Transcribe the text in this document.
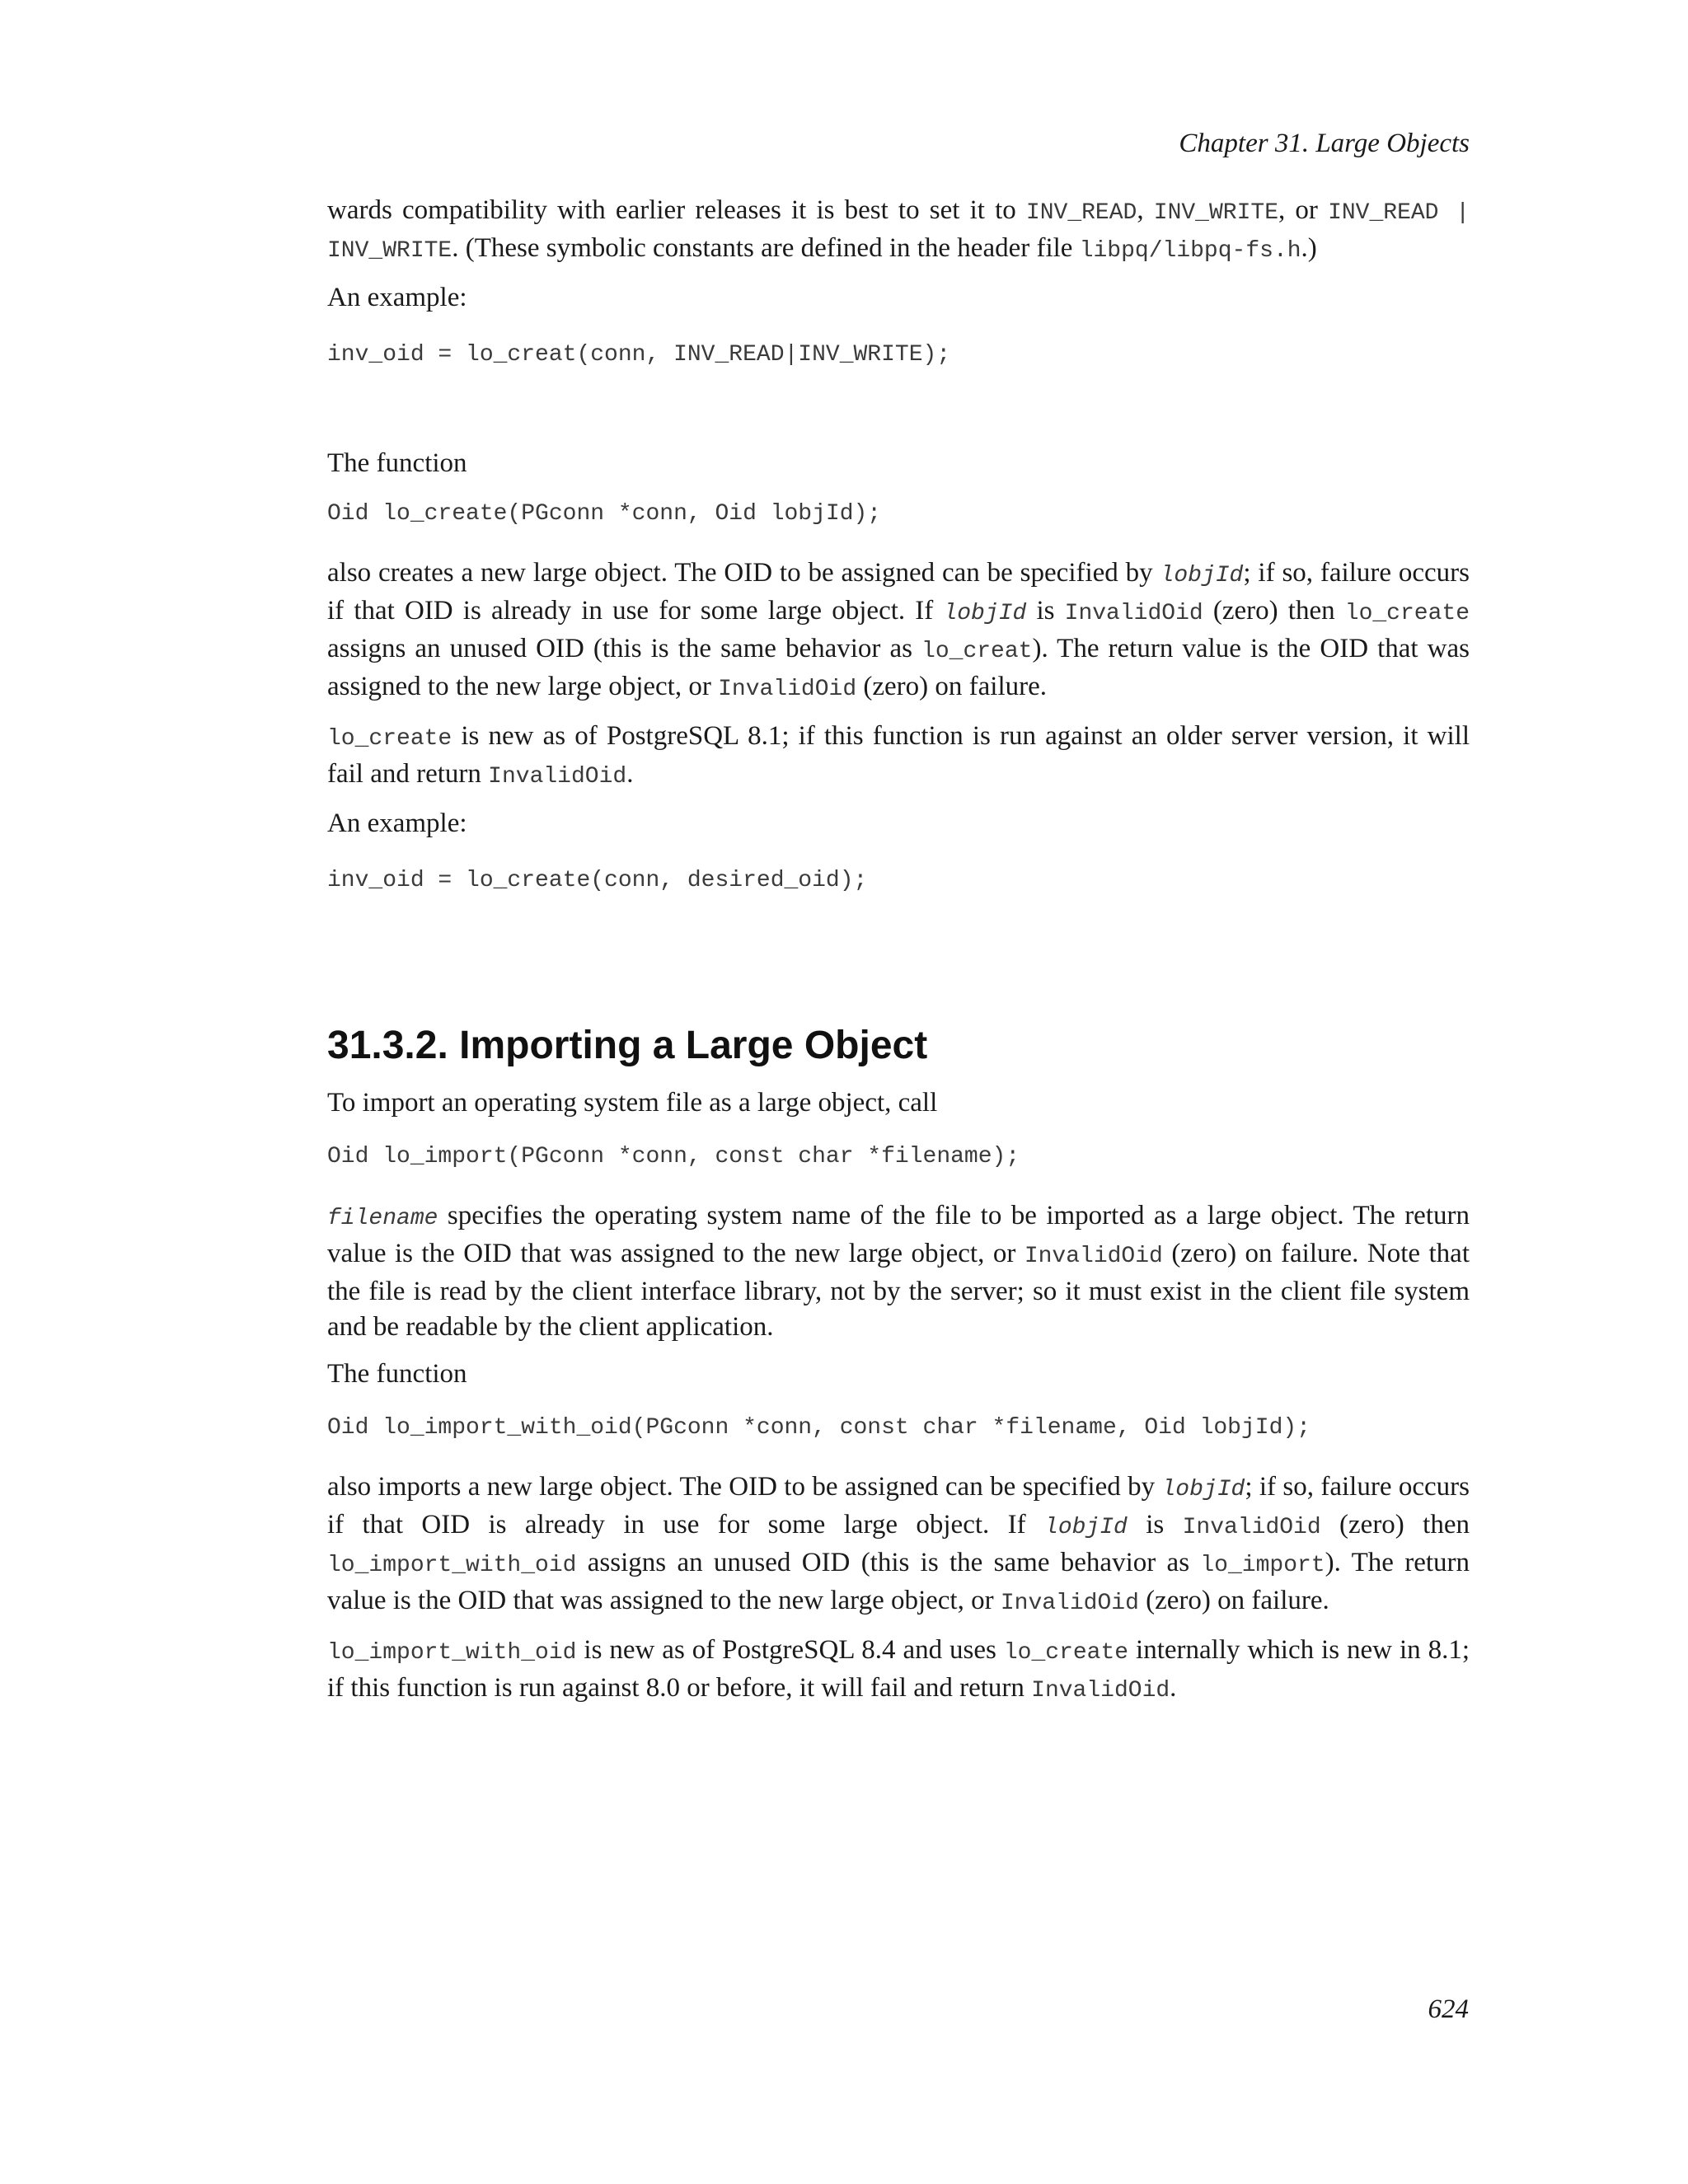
Chapter 31. Large Objects

wards compatibility with earlier releases it is best to set it to INV_READ, INV_WRITE, or INV_READ | INV_WRITE. (These symbolic constants are defined in the header file libpq/libpq-fs.h.)

An example:

inv_oid = lo_creat(conn, INV_READ|INV_WRITE);

The function

Oid lo_create(PGconn *conn, Oid lobjId);

also creates a new large object. The OID to be assigned can be specified by lobjId; if so, failure occurs if that OID is already in use for some large object. If lobjId is InvalidOid (zero) then lo_create assigns an unused OID (this is the same behavior as lo_creat). The return value is the OID that was assigned to the new large object, or InvalidOid (zero) on failure.

lo_create is new as of PostgreSQL 8.1; if this function is run against an older server version, it will fail and return InvalidOid.

An example:

inv_oid = lo_create(conn, desired_oid);
31.3.2. Importing a Large Object

To import an operating system file as a large object, call

Oid lo_import(PGconn *conn, const char *filename);

filename specifies the operating system name of the file to be imported as a large object. The return value is the OID that was assigned to the new large object, or InvalidOid (zero) on failure. Note that the file is read by the client interface library, not by the server; so it must exist in the client file system and be readable by the client application.

The function

Oid lo_import_with_oid(PGconn *conn, const char *filename, Oid lobjId);

also imports a new large object. The OID to be assigned can be specified by lobjId; if so, failure occurs if that OID is already in use for some large object. If lobjId is InvalidOid (zero) then lo_import_with_oid assigns an unused OID (this is the same behavior as lo_import). The return value is the OID that was assigned to the new large object, or InvalidOid (zero) on failure.

lo_import_with_oid is new as of PostgreSQL 8.4 and uses lo_create internally which is new in 8.1; if this function is run against 8.0 or before, it will fail and return InvalidOid.

624
